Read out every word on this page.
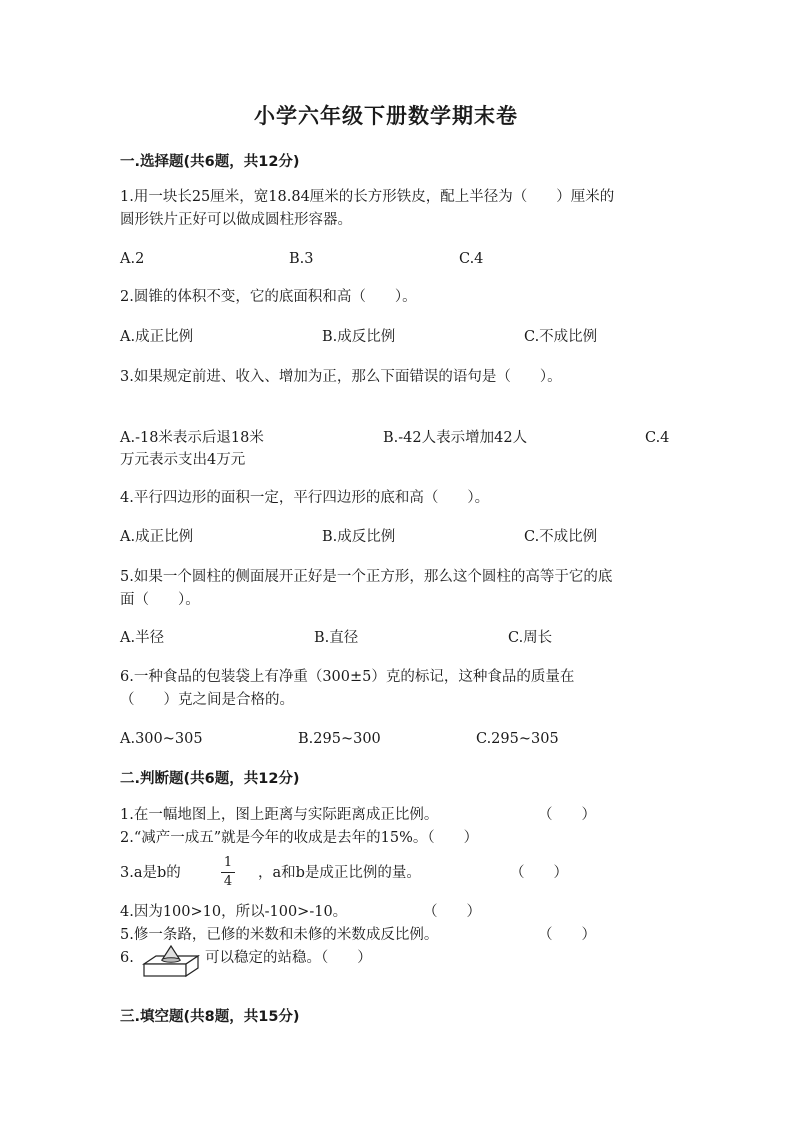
小学六年级下册数学期末卷
一.选择题(共6题，共12分)
1.用一块长25厘米，宽18.84厘米的长方形铁皮，配上半径为（　　）厘米的
圆形铁片正好可以做成圆柱形容器。
A.2	B.3	C.4
2.圆锥的体积不变，它的底面积和高（　　）。
A.成正比例	B.成反比例	C.不成比例
3.如果规定前进、收入、增加为正，那么下面错误的语句是（　　）。
A.-18米表示后退18米	B.-42人表示增加42人	C.4
万元表示支出4万元
4.平行四边形的面积一定，平行四边形的底和高（　　）。
A.成正比例	B.成反比例	C.不成比例
5.如果一个圆柱的侧面展开正好是一个正方形，那么这个圆柱的高等于它的底
面（　　）。
A.半径	B.直径	C.周长
6.一种食品的包装袋上有净重（300±5）克的标记，这种食品的质量在
（　　）克之间是合格的。
A.300~305	B.295~300	C.295~305
二.判断题(共6题，共12分)
1.在一幅地图上，图上距离与实际距离成正比例。	（　　）
2.“减产一成五”就是今年的收成是去年的15%。（　　）
3.a是b的
1
4
，a和b是成正比例的量。	（　　）
4.因为100>10，所以-100>-10。	（　　）
5.修一条路，已修的米数和未修的米数成反比例。	（　　）
6.	可以稳定的站稳。（　　）
三.填空题(共8题，共15分)
